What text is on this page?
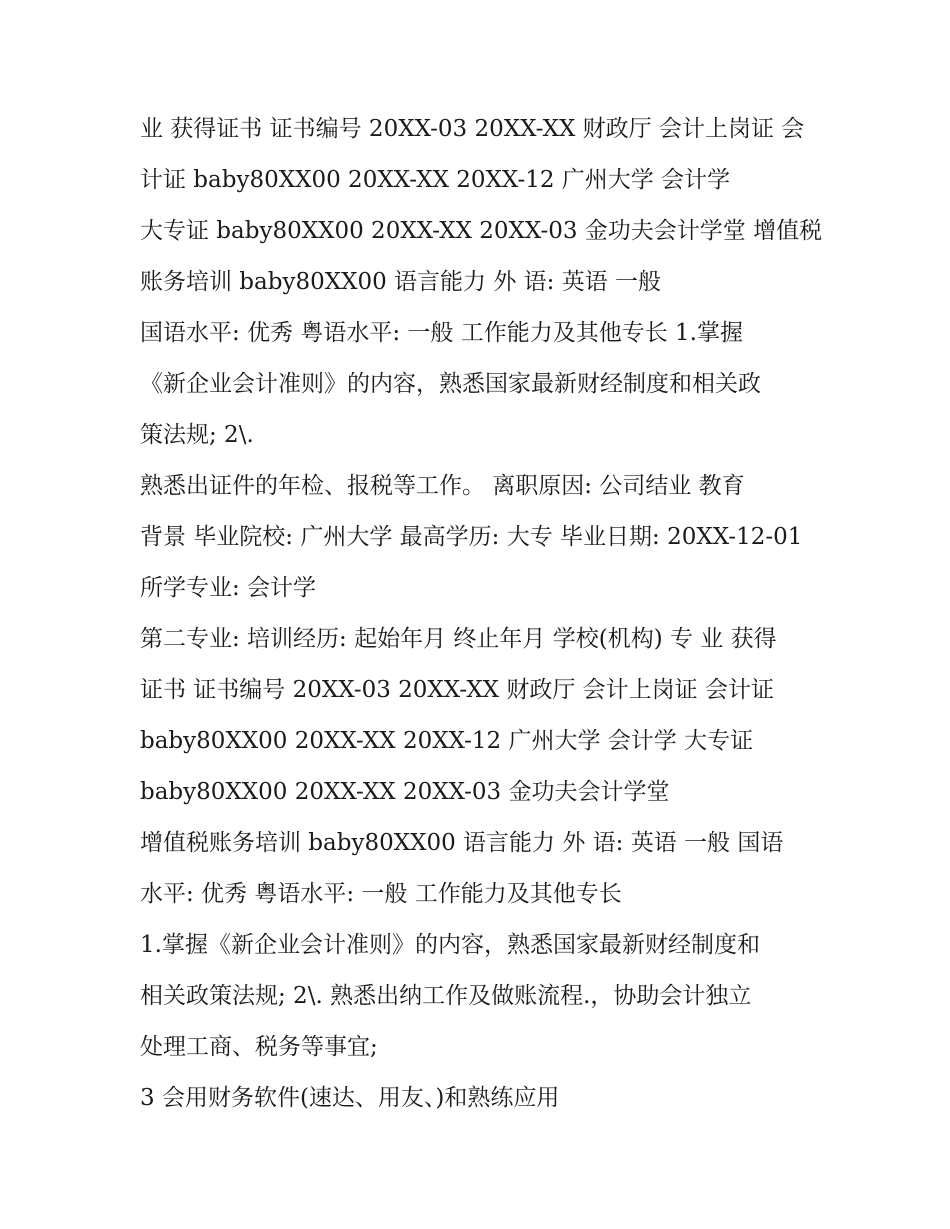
业 获得证书 证书编号 20XX-03 20XX-XX 财政厅 会计上岗证 会
计证 baby80XX00 20XX-XX 20XX-12 广州大学 会计学
大专证 baby80XX00 20XX-XX 20XX-03 金功夫会计学堂 增值税
账务培训 baby80XX00 语言能力 外 语: 英语 一般
国语水平: 优秀 粤语水平: 一般 工作能力及其他专长 1.掌握
《新企业会计准则》的内容，熟悉国家最新财经制度和相关政
策法规; 2\.
熟悉出证件的年检、报税等工作。 离职原因: 公司结业 教育
背景 毕业院校: 广州大学 最高学历: 大专 毕业日期: 20XX-12-01
所学专业: 会计学
第二专业: 培训经历: 起始年月 终止年月 学校(机构) 专 业 获得
证书 证书编号 20XX-03 20XX-XX 财政厅 会计上岗证 会计证
baby80XX00 20XX-XX 20XX-12 广州大学 会计学 大专证
baby80XX00 20XX-XX 20XX-03 金功夫会计学堂
增值税账务培训 baby80XX00 语言能力 外 语: 英语 一般 国语
水平: 优秀 粤语水平: 一般 工作能力及其他专长
1.掌握《新企业会计准则》的内容，熟悉国家最新财经制度和
相关政策法规; 2\. 熟悉出纳工作及做账流程.，协助会计独立
处理工商、税务等事宜;
3 会用财务软件(速达、用友、)和熟练应用
